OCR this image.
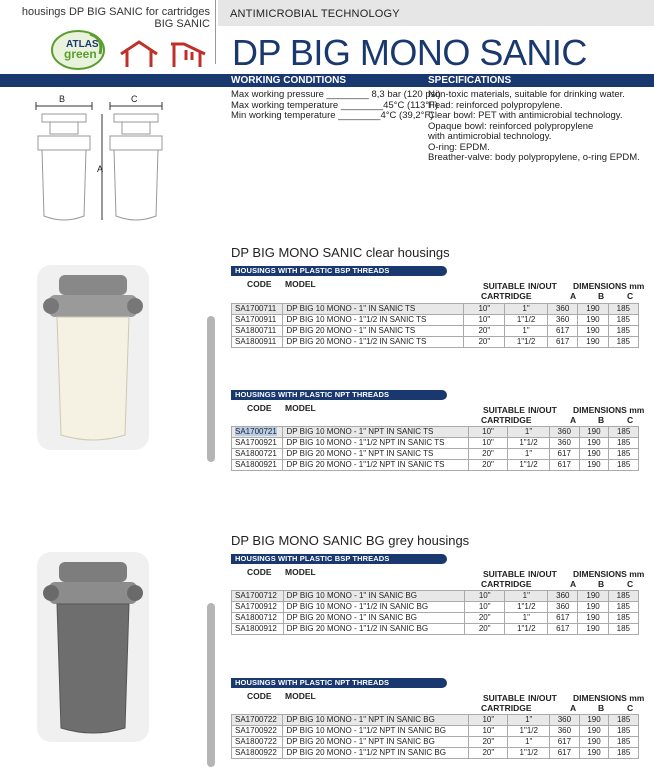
housings DP BIG SANIC for cartridges BIG SANIC
ANTIMICROBIAL TECHNOLOGY
ATLAS
green	DP BIG MONO SANIC
WORKING CONDITIONS	SPECIFICATIONS
B	C
A
Max working pressure ________ 8,3 bar (120 psi)
Max working temperature ________45°C (113°F)
Min working temperature ________4°C (39,2°F)
Non-toxic materials, suitable for drinking water.
Head: reinforced polypropylene.
Clear bowl: PET with antimicrobial technology.
Opaque bowl: reinforced polypropylene
with antimicrobial technology.
O-ring: EPDM.
Breather-valve: body polypropylene, o-ring EPDM.
DP BIG MONO SANIC clear housings
HOUSINGS WITH PLASTIC BSP THREADS
CODE MODEL	SUITABLE
CARTRIDGE
IN/OUT DIMENSIONS mm
A	B	C
SA1700711	DP BIG 10 MONO - 1" IN SANIC TS	10"	1"	360	190	185
SA1700911	DP BIG 10 MONO - 1"1/2 IN SANIC TS	10"	1"1/2	360	190	185
SA1800711	DP BIG 20 MONO - 1" IN SANIC TS	20"	1"	617	190	185
SA1800911	DP BIG 20 MONO - 1"1/2 IN SANIC TS	20"	1"1/2	617	190	185
HOUSINGS WITH PLASTIC NPT THREADS
CODE MODEL	SUITABLE
CARTRIDGE
IN/OUT DIMENSIONS mm
A	B	C
SA1700721	DP BIG 10 MONO - 1" NPT IN SANIC TS	10"	1"	360	190	185
SA1700921	DP BIG 10 MONO - 1"1/2 NPT IN SANIC TS	10"	1"1/2	360	190	185
SA1800721	DP BIG 20 MONO - 1" NPT IN SANIC TS	20"	1"	617	190	185
SA1800921	DP BIG 20 MONO - 1"1/2 NPT IN SANIC TS	20"	1"1/2	617	190	185
DP BIG MONO SANIC BG grey housings
HOUSINGS WITH PLASTIC BSP THREADS
CODE MODEL	SUITABLE
CARTRIDGE
IN/OUT DIMENSIONS mm
A	B	C
SA1700712	DP BIG 10 MONO - 1" IN SANIC BG	10"	1"	360	190	185
SA1700912	DP BIG 10 MONO - 1"1/2 IN SANIC BG	10"	1"1/2	360	190	185
SA1800712	DP BIG 20 MONO - 1" IN SANIC BG	20"	1"	617	190	185
SA1800912	DP BIG 20 MONO - 1"1/2 IN SANIC BG	20"	1"1/2	617	190	185
HOUSINGS WITH PLASTIC NPT THREADS
CODE MODEL	SUITABLE
CARTRIDGE
IN/OUT DIMENSIONS mm
A	B	C
SA1700722	DP BIG 10 MONO - 1" NPT IN SANIC BG	10"	1"	360	190	185
SA1700922	DP BIG 10 MONO - 1"1/2 NPT IN SANIC BG	10"	1"1/2	360	190	185
SA1800722	DP BIG 20 MONO - 1" NPT IN SANIC BG	20"	1"	617	190	185
SA1800922	DP BIG 20 MONO - 1"1/2 NPT IN SANIC BG	20"	1"1/2	617	190	185
